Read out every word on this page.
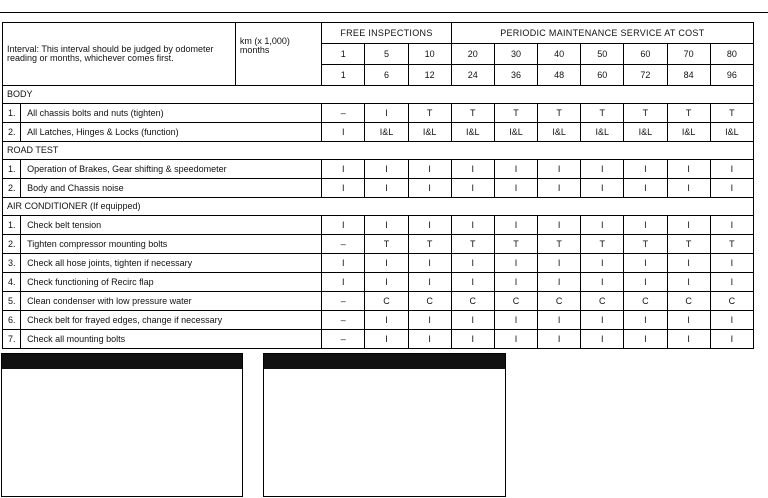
Interval: This interval should be judged by odometer reading or months, whichever comes first.		km (x 1,000) months	FREE INSPECTIONS			PERIODIC MAINTENANCE SERVICE AT COST						
			1	5	10	20	30	40	50	60	70	80
			1	6	12	24	36	48	60	72	84	96
BODY												
1.	All chassis bolts and nuts (tighten)		–	I	T	T	T	T	T	T	T	T
2.	All Latches, Hinges & Locks (function)		I	I&L	I&L	I&L	I&L	I&L	I&L	I&L	I&L	I&L
ROAD TEST												
1.	Operation of Brakes, Gear shifting & speedometer		I	I	I	I	I	I	I	I	I	I
2.	Body and Chassis noise		I	I	I	I	I	I	I	I	I	I
AIR CONDITIONER (If equipped)												
1.	Check belt tension		I	I	I	I	I	I	I	I	I	I
2.	Tighten compressor mounting bolts		–	T	T	T	T	T	T	T	T	T
3.	Check all hose joints, tighten if necessary		I	I	I	I	I	I	I	I	I	I
4.	Check functioning of Recirc flap		I	I	I	I	I	I	I	I	I	I
5.	Clean condenser with low pressure water		–	C	C	C	C	C	C	C	C	C
6.	Check belt for frayed edges, change if necessary		–	I	I	I	I	I	I	I	I	I
7.	Check all mounting bolts		–	I	I	I	I	I	I	I	I	I
